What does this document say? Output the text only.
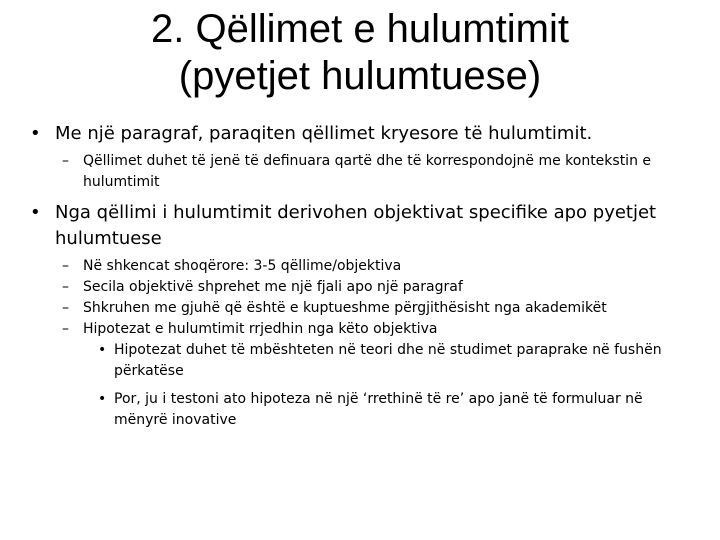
2. Qëllimet e hulumtimit
(pyetjet hulumtuese)
• Me një paragraf, paraqiten qëllimet kryesore të hulumtimit.
–	Qëllimet duhet të jenë të definuara qartë dhe të korrespondojnë me kontekstin e hulumtimit
• Nga qëllimi i hulumtimit derivohen objektivat specifike apo pyetjet hulumtuese
–	Në shkencat shoqërore: 3-5 qëllime/objektiva
–	Secila objektivë shprehet me një fjali apo një paragraf
–	Shkruhen me gjuhë që është e kuptueshme përgjithësisht nga akademikët
–	Hipotezat e hulumtimit rrjedhin nga këto objektiva
• Hipotezat duhet të mbështeten në teori dhe në studimet paraprake në fushën përkatëse
• Por, ju i testoni ato hipoteza në një ‘rrethinë të re’ apo janë të formuluar në mënyrë inovative
